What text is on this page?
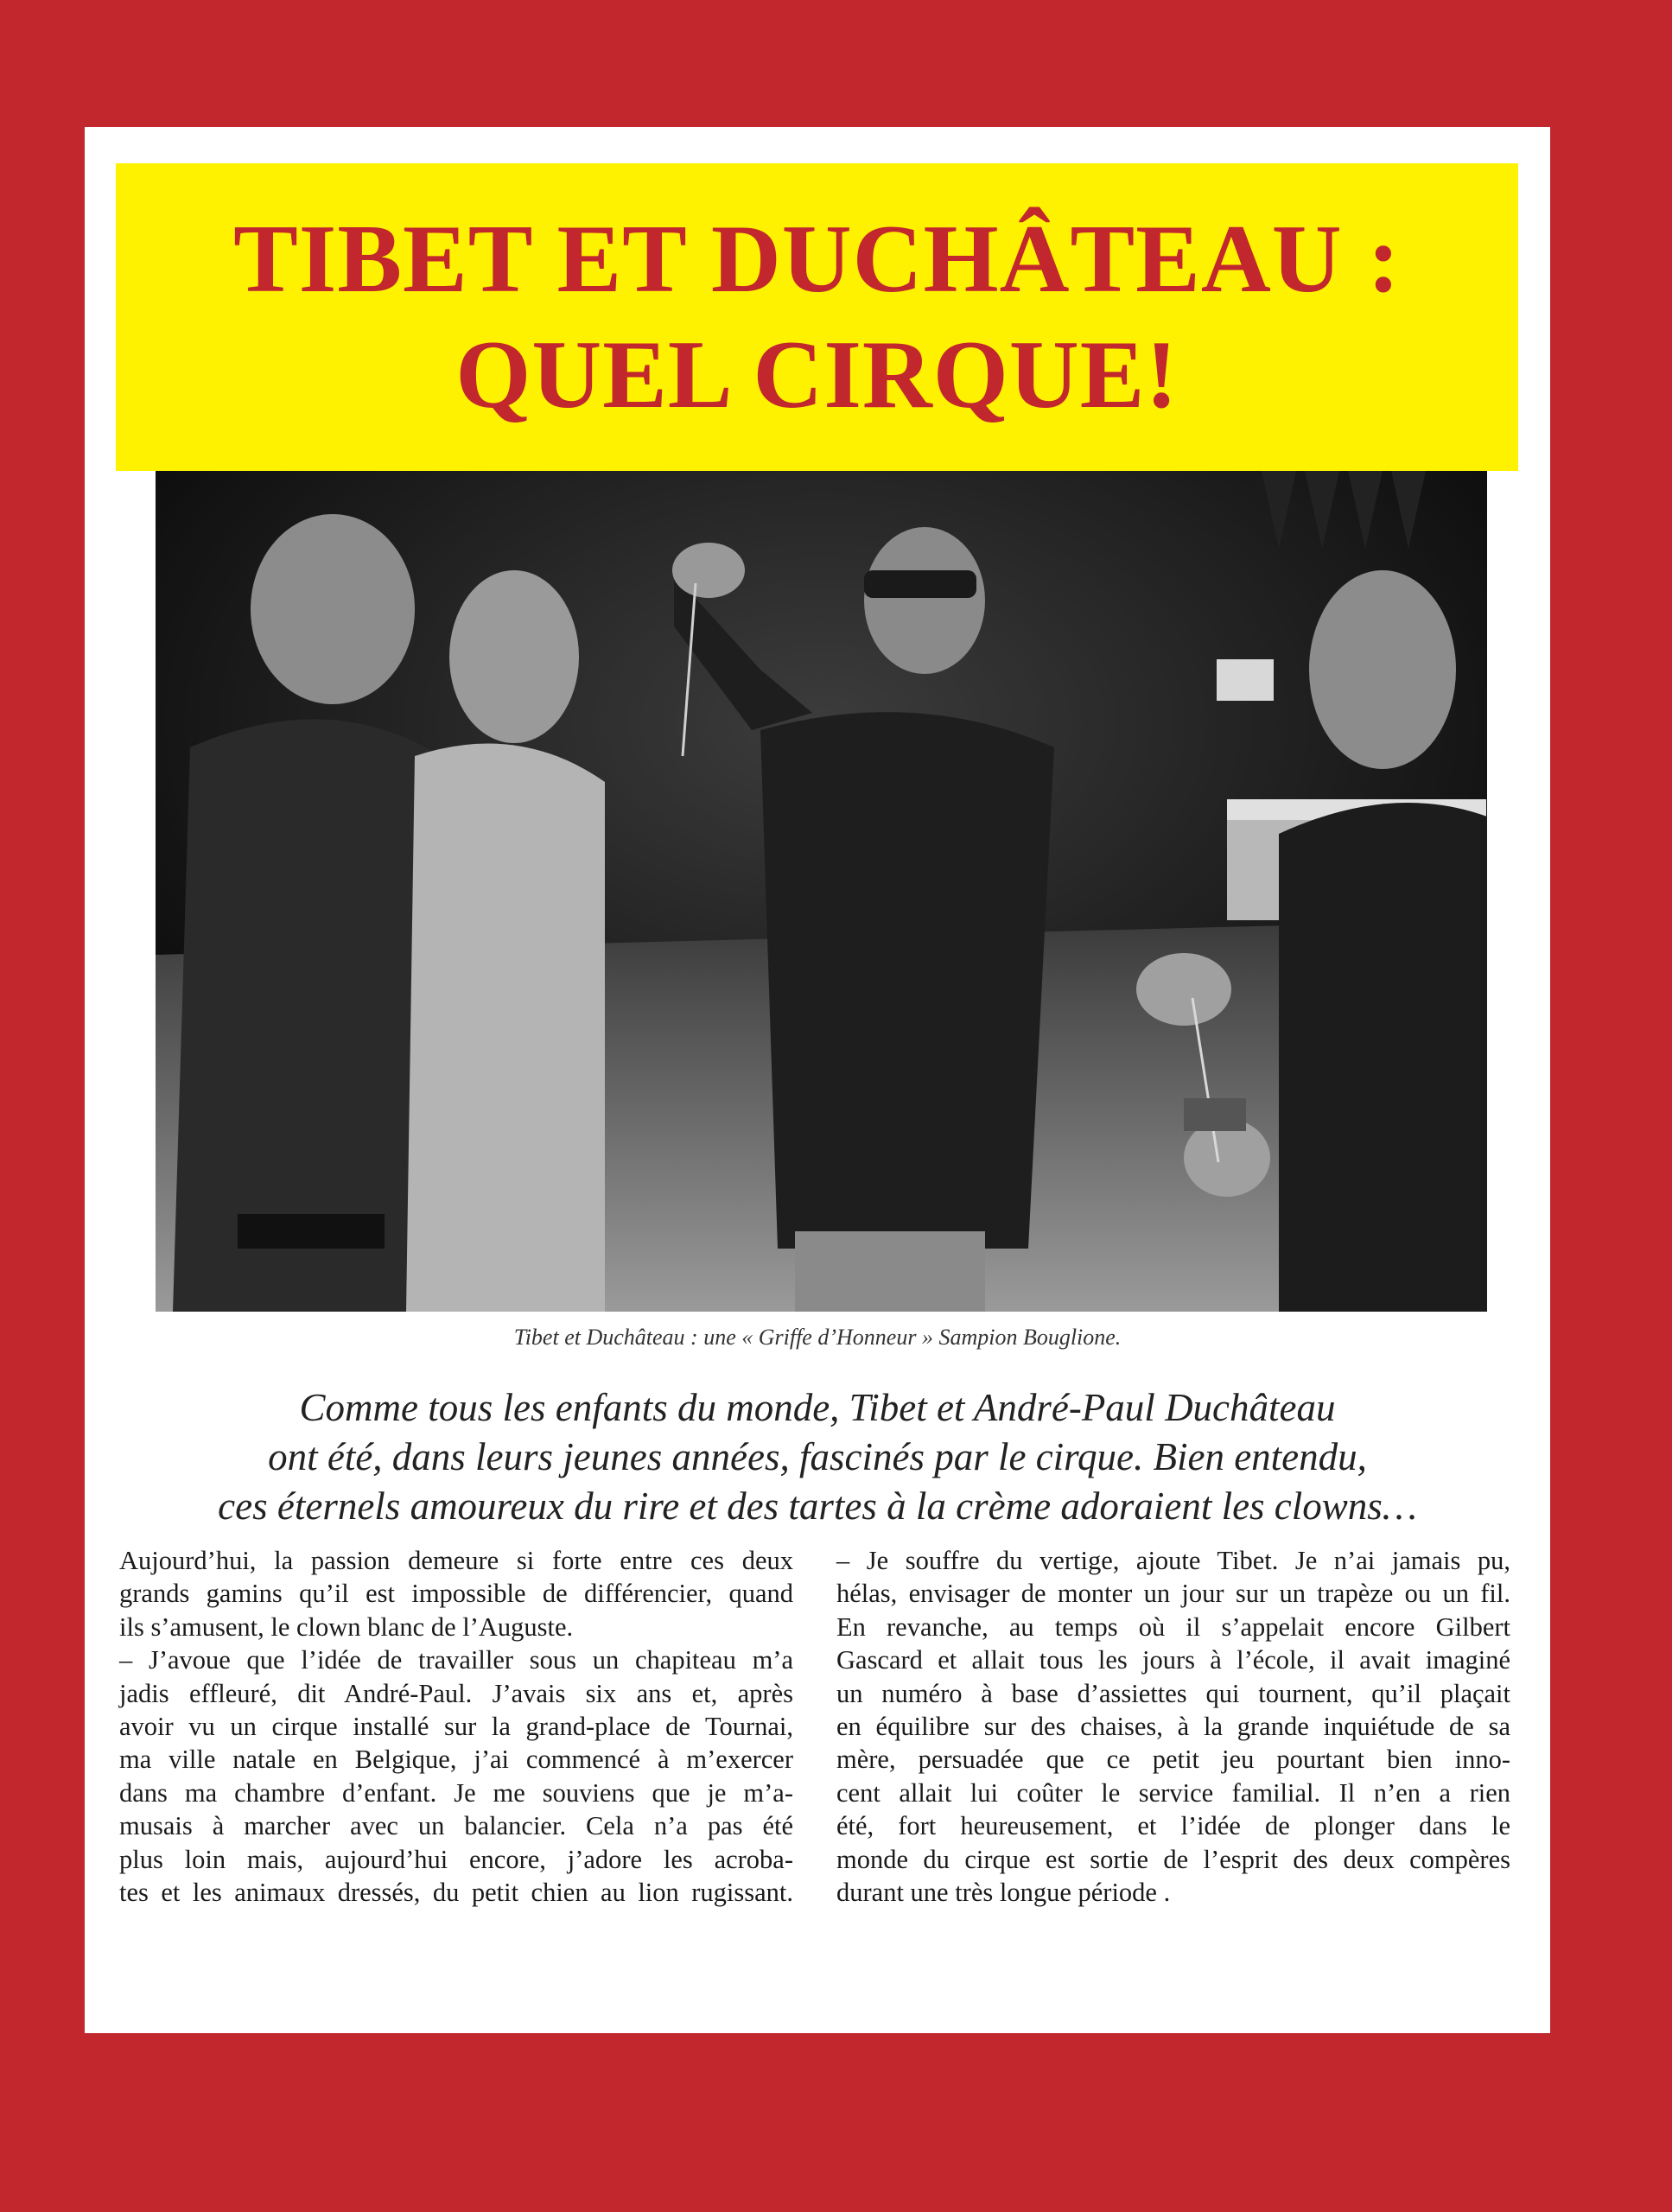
TIBET ET DUCHÂTEAU :
QUEL CIRQUE!
Tibet et Duchâteau : une « Griffe d’Honneur » Sampion Bouglione.
Comme tous les enfants du monde, Tibet et André-Paul Duchâteau
ont été, dans leurs jeunes années, fascinés par le cirque. Bien entendu,
ces éternels amoureux du rire et des tartes à la crème adoraient les clowns…
Aujourd’hui, la passion demeure si forte entre ces deux
grands gamins qu’il est impossible de différencier, quand
ils s’amusent, le clown blanc de l’Auguste.
– J’avoue que l’idée de travailler sous un chapiteau m’a
jadis effleuré, dit André-Paul. J’avais six ans et, après
avoir vu un cirque installé sur la grand-place de Tournai,
ma ville natale en Belgique, j’ai commencé à m’exercer
dans ma chambre d’enfant. Je me souviens que je m’a-
musais à marcher avec un balancier. Cela n’a pas été
plus loin mais, aujourd’hui encore, j’adore les acroba-
tes et les animaux dressés, du petit chien au lion rugissant.
– Je souffre du vertige, ajoute Tibet. Je n’ai jamais pu,
hélas, envisager de monter un jour sur un trapèze ou un fil.
En revanche, au temps où il s’appelait encore Gilbert
Gascard et allait tous les jours à l’école, il avait imaginé
un numéro à base d’assiettes qui tournent, qu’il plaçait
en équilibre sur des chaises, à la grande inquiétude de sa
mère, persuadée que ce petit jeu pourtant bien inno-
cent allait lui coûter le service familial. Il n’en a rien
été, fort heureusement, et l’idée de plonger dans le
monde du cirque est sortie de l’esprit des deux compères
durant une très longue période .
